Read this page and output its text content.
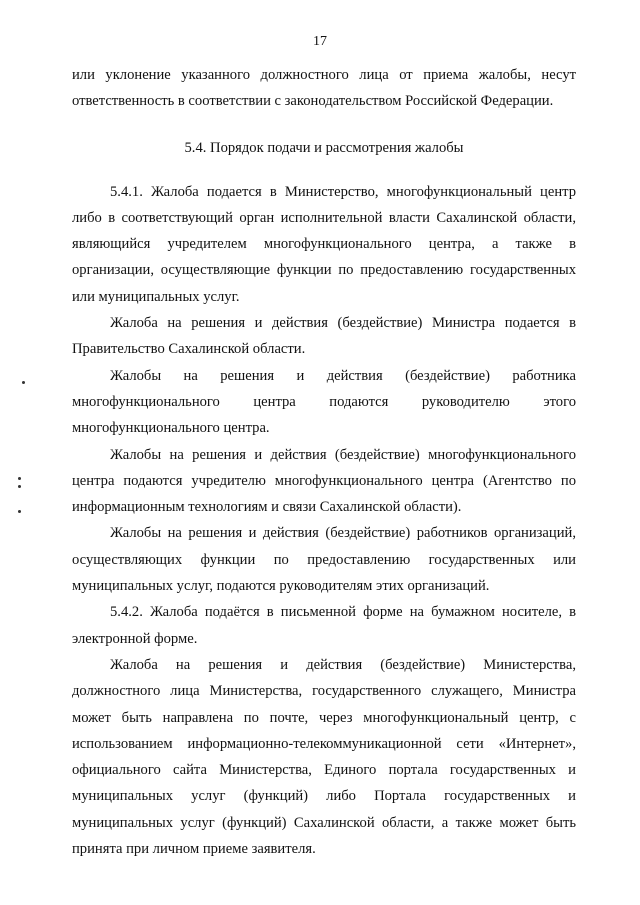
17

или уклонение указанного должностного лица от приема жалобы, несут ответственность в соответствии с законодательством Российской Федерации.

5.4. Порядок подачи и рассмотрения жалобы

5.4.1. Жалоба подается в Министерство, многофункциональный центр либо в соответствующий орган исполнительной власти Сахалинской области, являющийся учредителем многофункционального центра, а также в организации, осуществляющие функции по предоставлению государственных или муниципальных услуг.

Жалоба на решения и действия (бездействие) Министра подается в Правительство Сахалинской области.

Жалобы на решения и действия (бездействие) работника многофункционального центра подаются руководителю этого многофункционального центра.

Жалобы на решения и действия (бездействие) многофункционального центра подаются учредителю многофункционального центра (Агентство по информационным технологиям и связи Сахалинской области).

Жалобы на решения и действия (бездействие) работников организаций, осуществляющих функции по предоставлению государственных или муниципальных услуг, подаются руководителям этих организаций.

5.4.2. Жалоба подаётся в письменной форме на бумажном носителе, в электронной форме.

Жалоба на решения и действия (бездействие) Министерства, должностного лица Министерства, государственного служащего, Министра может быть направлена по почте, через многофункциональный центр, с использованием информационно-телекоммуникационной сети «Интернет», официального сайта Министерства, Единого портала государственных и муниципальных услуг (функций) либо Портала государственных и муниципальных услуг (функций) Сахалинской области, а также может быть принята при личном приеме заявителя.
